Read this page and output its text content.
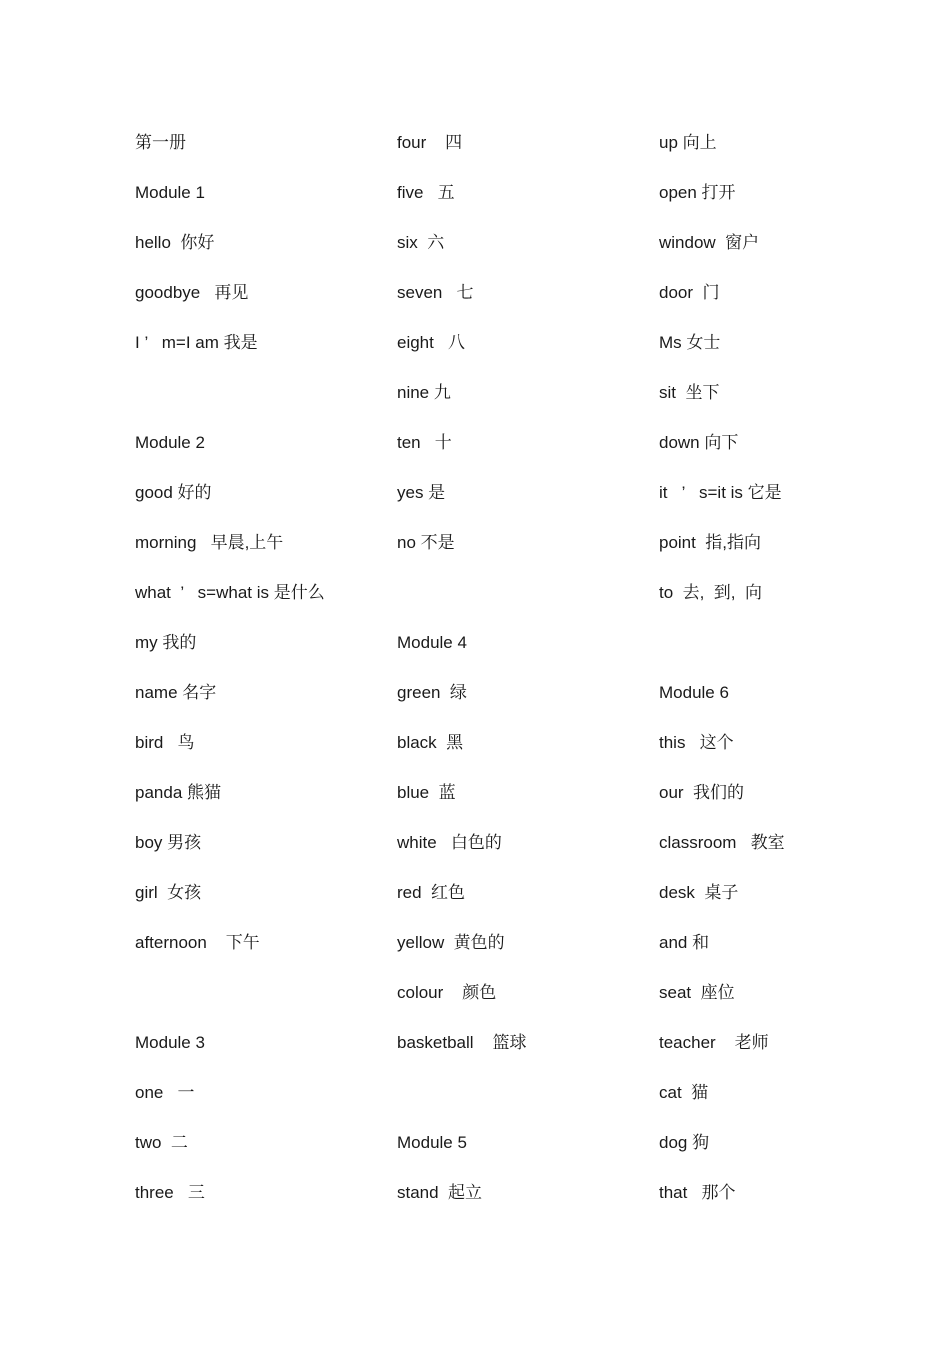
第一册
Module 1
hello  你好
goodbye   再见
I ’   m=I am 我是
Module 2
good 好的
morning   早晨,上午
what  ’   s=what is 是什么
my 我的
name 名字
bird   鸟
panda 熊猫
boy 男孩
girl  女孩
afternoon    下午
Module 3
one   一
two  二
three   三
four    四
five   五
six  六
seven   七
eight   八
nine 九
ten   十
yes 是
no 不是
Module 4
green  绿
black  黑
blue  蓝
white   白色的
red  红色
yellow  黄色的
colour    颜色
basketball    篮球
Module 5
stand  起立
up 向上
open 打开
window  窗户
door  门
Ms 女士
sit  坐下
down 向下
it   ’   s=it is 它是
point  指,指向
to  去,  到,  向
Module 6
this   这个
our  我们的
classroom   教室
desk  桌子
and 和
seat  座位
teacher    老师
cat  猫
dog 狗
that   那个
